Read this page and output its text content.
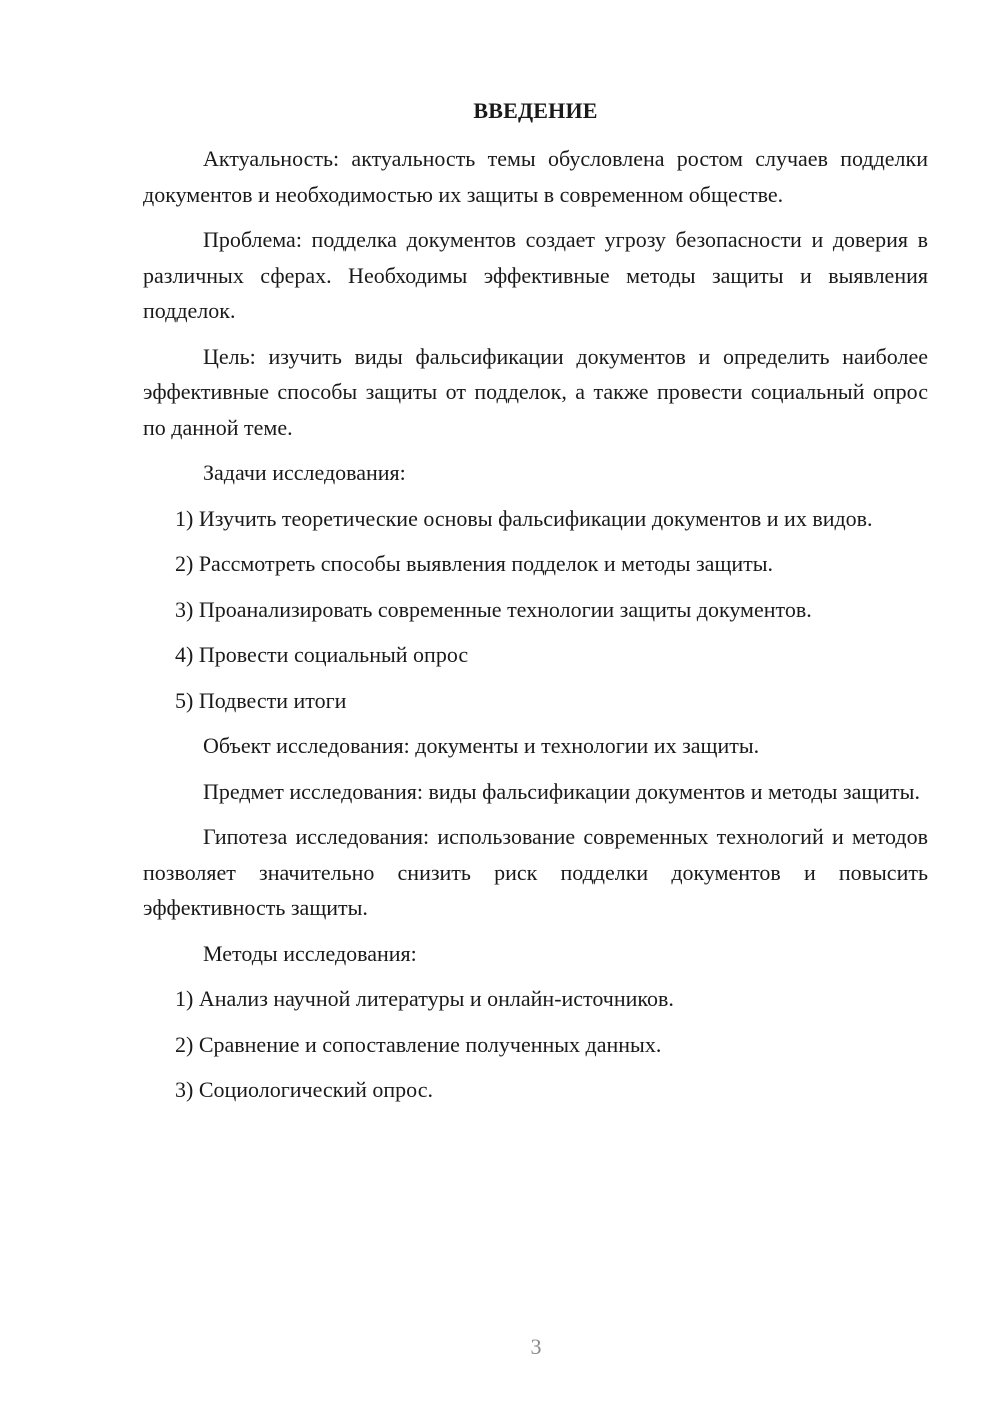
ВВЕДЕНИЕ

Актуальность: актуальность темы обусловлена ростом случаев подделки документов и необходимостью их защиты в современном обществе.

Проблема: подделка документов создает угрозу безопасности и доверия в различных сферах. Необходимы эффективные методы защиты и выявления подделок.

Цель: изучить виды фальсификации документов и определить наиболее эффективные способы защиты от подделок, а также провести социальный опрос по данной теме.

Задачи исследования:

1) Изучить теоретические основы фальсификации документов и их видов.

2) Рассмотреть способы выявления подделок и методы защиты.

3) Проанализировать современные технологии защиты документов.

4) Провести социальный опрос

5) Подвести итоги

Объект исследования: документы и технологии их защиты.

Предмет исследования: виды фальсификации документов и методы защиты.

Гипотеза исследования: использование современных технологий и методов позволяет значительно снизить риск подделки документов и повысить эффективность защиты.

Методы исследования:

1) Анализ научной литературы и онлайн-источников.

2) Сравнение и сопоставление полученных данных.

3) Социологический опрос.

3
